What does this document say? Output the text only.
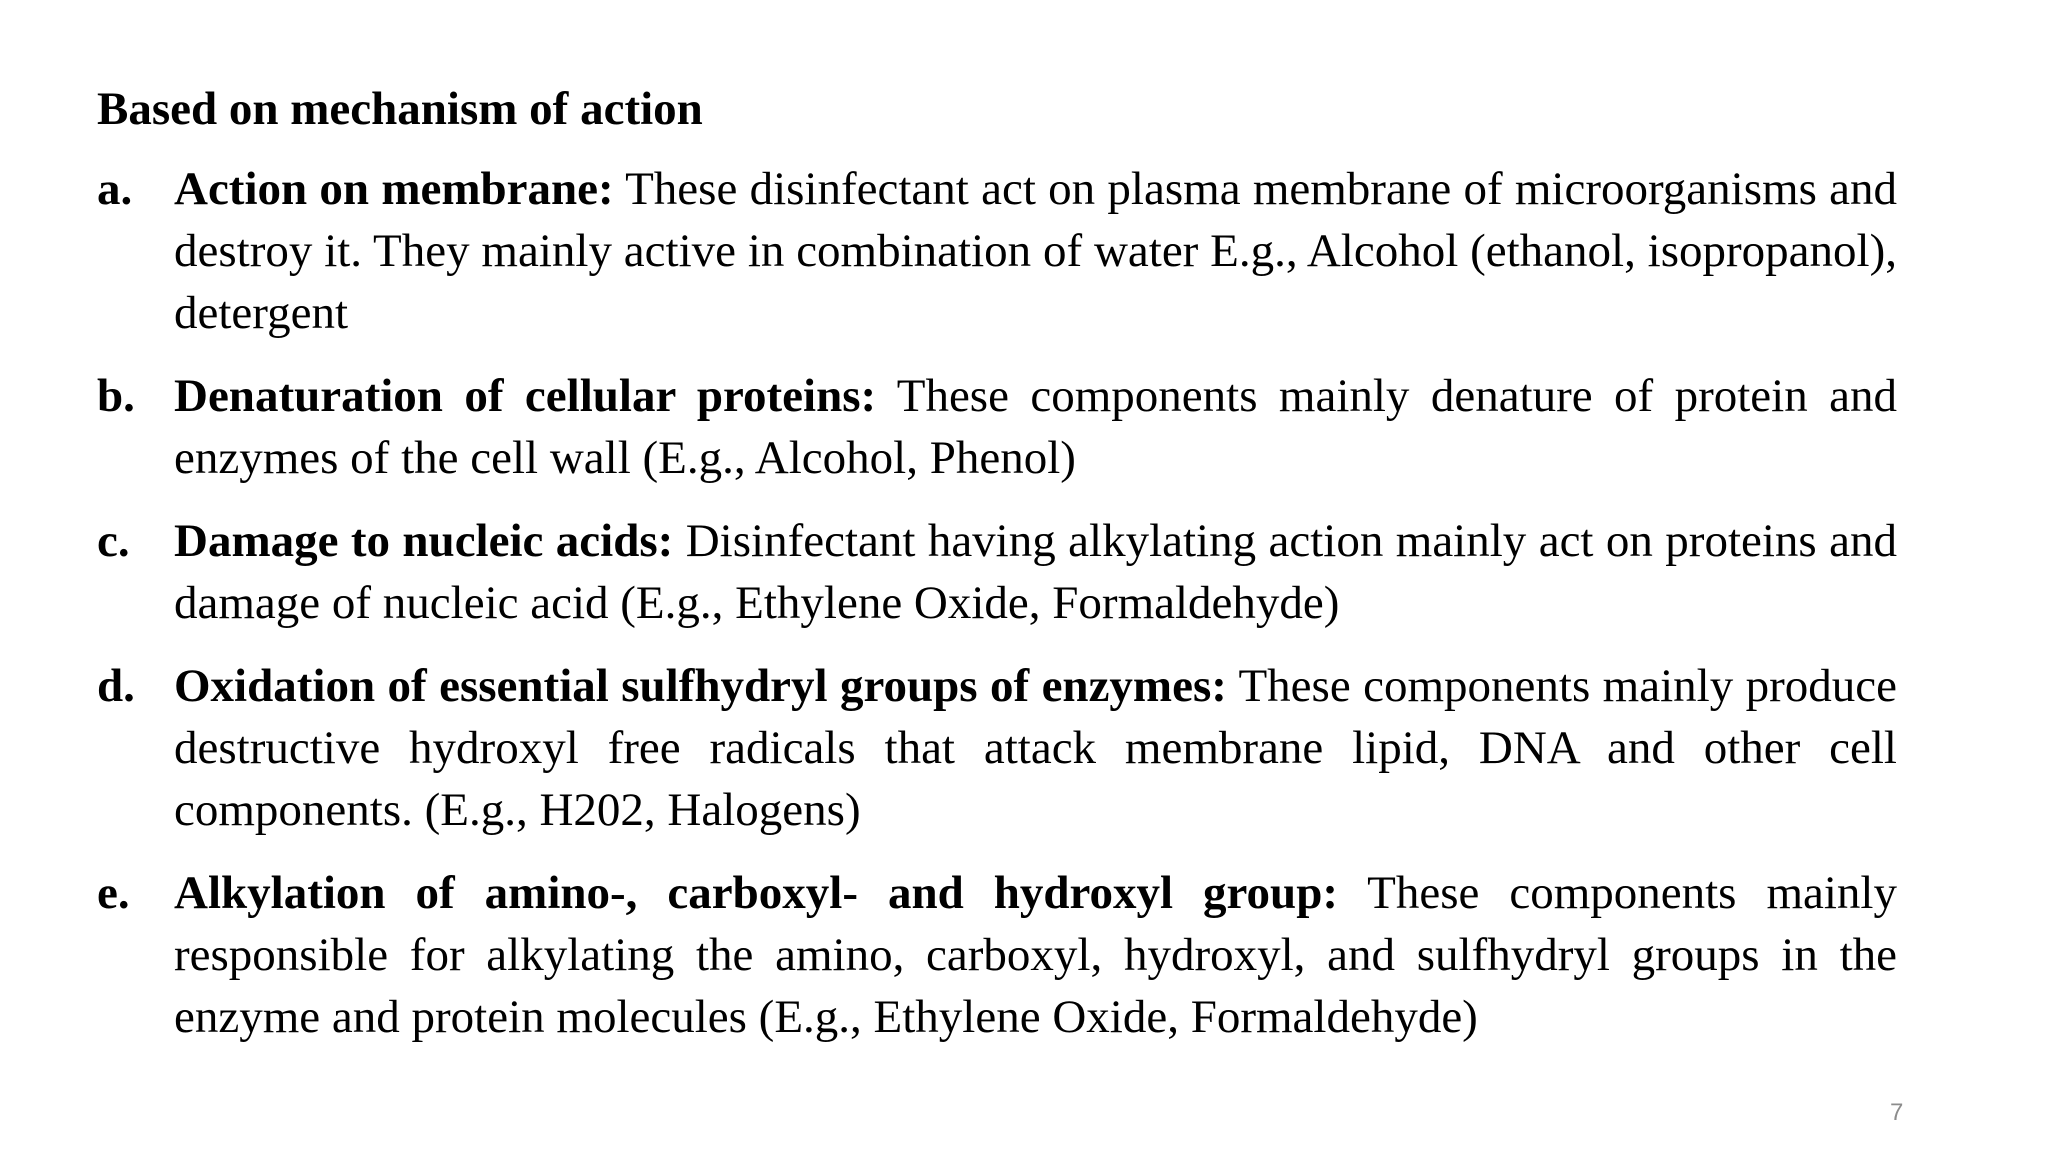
Based on mechanism of action
a. Action on membrane: These disinfectant act on plasma membrane of microorganisms and destroy it. They mainly active in combination of water E.g., Alcohol (ethanol, isopropanol), detergent
b. Denaturation of cellular proteins: These components mainly denature of protein and enzymes of the cell wall (E.g., Alcohol, Phenol)
c. Damage to nucleic acids: Disinfectant having alkylating action mainly act on proteins and damage of nucleic acid (E.g., Ethylene Oxide, Formaldehyde)
d. Oxidation of essential sulfhydryl groups of enzymes: These components mainly produce destructive hydroxyl free radicals that attack membrane lipid, DNA and other cell components. (E.g., H202, Halogens)
e. Alkylation of amino-, carboxyl- and hydroxyl group: These components mainly responsible for alkylating the amino, carboxyl, hydroxyl, and sulfhydryl groups in the enzyme and protein molecules (E.g., Ethylene Oxide, Formaldehyde)
7
